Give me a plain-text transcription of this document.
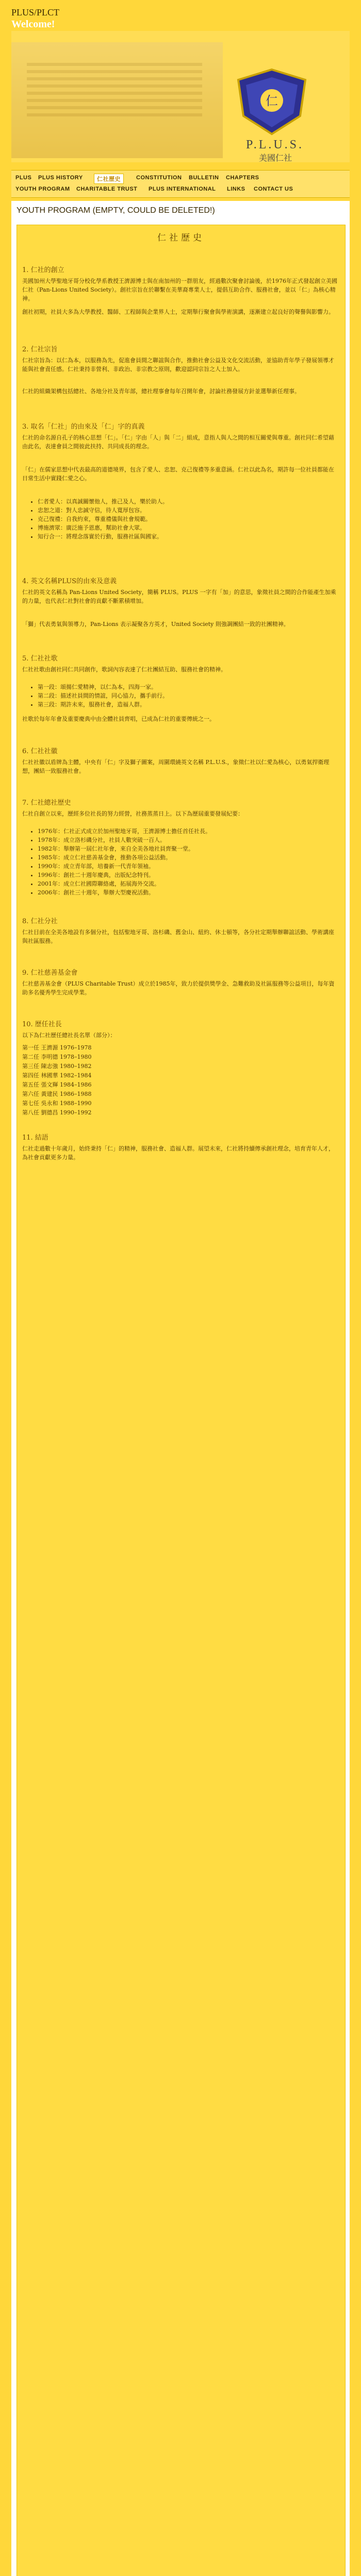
PLUS/PLCT
Welcome!
仁
P.L.U.S.
美國仁社
PLUS PLUS HISTORY	仁社歷史	CONSTITUTION BULLETIN CHAPTERS
YOUTH PROGRAM CHARITABLE TRUST PLUS INTERNATIONAL LINKS CONTACT US
YOUTH PROGRAM (EMPTY, COULD BE DELETED!)
仁社歷史
1. 仁社的創立

美國加州大學聖地牙哥分校化學系教授王濟源博士與在南加州的一群朋友，經過數次聚會討論後，於1976年正式發起創立美國仁社（Pan-Lions United Society）。創社宗旨在於聯繫在美華裔專業人士，提倡互助合作、服務社會，並以「仁」為核心精神。

創社初期，社員大多為大學教授、醫師、工程師與企業界人士，定期舉行聚會與學術演講，逐漸建立起良好的聲譽與影響力。

2. 仁社宗旨

仁社宗旨為：以仁為本，以服務為先，促進會員間之聯誼與合作，推動社會公益及文化交流活動，並協助青年學子發展領導才能與社會責任感。仁社秉持非營利、非政治、非宗教之原則，歡迎認同宗旨之人士加入。

仁社的組織架構包括總社、各地分社及青年部，總社理事會每年召開年會，討論社務發展方針並選舉新任理事。

3. 取名「仁社」的由來及「仁」字的真義

仁社的命名源自孔子的核心思想「仁」。「仁」字由「人」與「二」組成，意指人與人之間的相互關愛與尊重。創社同仁希望藉由此名，表達會員之間彼此扶持、共同成長的理念。

「仁」在儒家思想中代表最高的道德境界，包含了愛人、忠恕、克己復禮等多重意涵。仁社以此為名，期許每一位社員都能在日常生活中實踐仁愛之心。

• 仁者愛人：以真誠關懷他人，推己及人，樂於助人。
• 忠恕之道：對人忠誠守信，待人寬厚包容。
• 克己復禮：自我約束，尊重禮儀與社會規範。
• 博施濟眾：廣泛施予恩惠，幫助社會大眾。
• 知行合一：將理念落實於行動，服務社區與國家。
4. 英文名稱PLUS的由來及意義

仁社的英文名稱為 Pan-Lions United Society，簡稱 PLUS。PLUS 一字有「加」的意思，象徵社員之間的合作能產生加乘的力量，也代表仁社對社會的貢獻不斷累積增加。

「獅」代表勇氣與領導力，Pan-Lions 表示凝聚各方英才，United Society 則強調團結一致的社團精神。

5. 仁社社歌

仁社社歌由創社同仁共同創作，歌詞內容表達了仁社團結互助、服務社會的精神。

• 第一段：頌揚仁愛精神，以仁為本，四海一家。
• 第二段：描述社員間的情誼，同心協力，攜手前行。
• 第三段：期許未來，服務社會，造福人群。

社歌於每年年會及重要慶典中由全體社員齊唱，已成為仁社的重要傳統之一。

6. 仁社社徽

仁社社徽以盾牌為主體，中央有「仁」字及獅子圖案，周圍環繞英文名稱 P.L.U.S.，象徵仁社以仁愛為核心，以勇氣捍衛理想，團結一致服務社會。

7. 仁社總社歷史

仁社自創立以來，歷經多位社長的努力經營，社務蒸蒸日上。以下為歷屆重要發展紀要：

• 1976年：仁社正式成立於加州聖地牙哥，王濟源博士擔任首任社長。
• 1978年：成立洛杉磯分社，社員人數突破一百人。
• 1982年：舉辦第一屆仁社年會，來自全美各地社員齊聚一堂。
• 1985年：成立仁社慈善基金會，推動各項公益活動。
• 1990年：成立青年部，培養新一代青年領袖。
• 1996年：創社二十週年慶典，出版紀念特刊。
• 2001年：成立仁社國際聯絡處，拓展海外交流。
• 2006年：創社三十週年，舉辦大型慶祝活動。
8. 仁社分社

仁社目前在全美各地設有多個分社，包括聖地牙哥、洛杉磯、舊金山、紐約、休士頓等，各分社定期舉辦聯誼活動、學術講座與社區服務。

9. 仁社慈善基金會

仁社慈善基金會（PLUS Charitable Trust）成立於1985年，致力於提供獎學金、急難救助及社區服務等公益項目，每年資助多名優秀學生完成學業。

10. 歷任社長

以下為仁社歷任總社長名單（部分）：

第一任 王濟源 1976–1978
第二任 李明德 1978–1980
第三任 陳志強 1980–1982
第四任 林國華 1982–1984
第五任 張文輝 1984–1986
第六任 黃建民 1986–1988
第七任 吳永和 1988–1990
第八任 劉德昌 1990–1992
11. 結語

仁社走過數十年歲月，始終秉持「仁」的精神，服務社會、造福人群。展望未來，仁社將持續傳承創社理念，培育青年人才，為社會貢獻更多力量。
